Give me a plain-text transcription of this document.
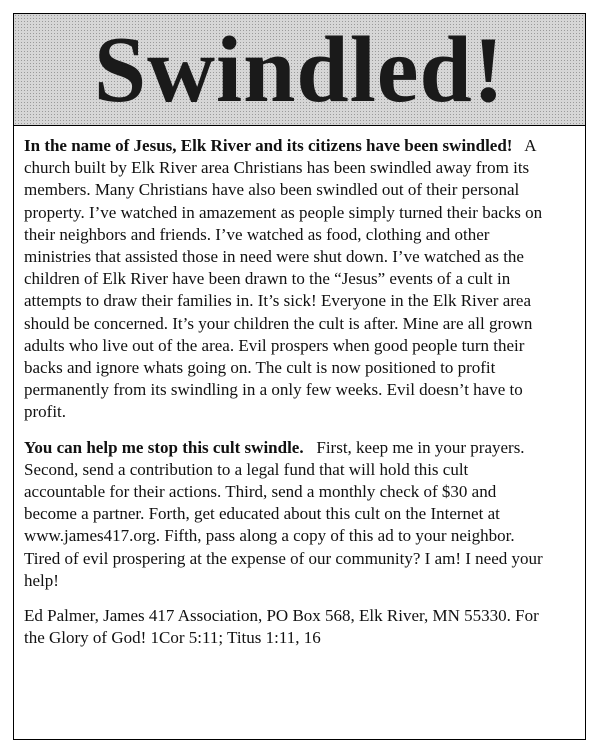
Swindled!

In the name of Jesus, Elk River and its citizens have been swindled! A church built by Elk River area Christians has been swindled away from its members. Many Christians have also been swindled out of their personal property. I’ve watched in amazement as people simply turned their backs on their neighbors and friends. I’ve watched as food, clothing and other ministries that assisted those in need were shut down. I’ve watched as the children of Elk River have been drawn to the “Jesus” events of a cult in attempts to draw their families in. It’s sick! Everyone in the Elk River area should be concerned. It’s your children the cult is after. Mine are all grown adults who live out of the area. Evil prospers when good people turn their backs and ignore whats going on. The cult is now positioned to profit permanently from its swindling in a only few weeks. Evil doesn’t have to profit.

You can help me stop this cult swindle. First, keep me in your prayers. Second, send a contribution to a legal fund that will hold this cult accountable for their actions. Third, send a monthly check of $30 and become a partner. Forth, get educated about this cult on the Internet at www.james417.org. Fifth, pass along a copy of this ad to your neighbor. Tired of evil prospering at the expense of our community? I am! I need your help!

Ed Palmer, James 417 Association, PO Box 568, Elk River, MN 55330. For the Glory of God! 1Cor 5:11; Titus 1:11, 16
